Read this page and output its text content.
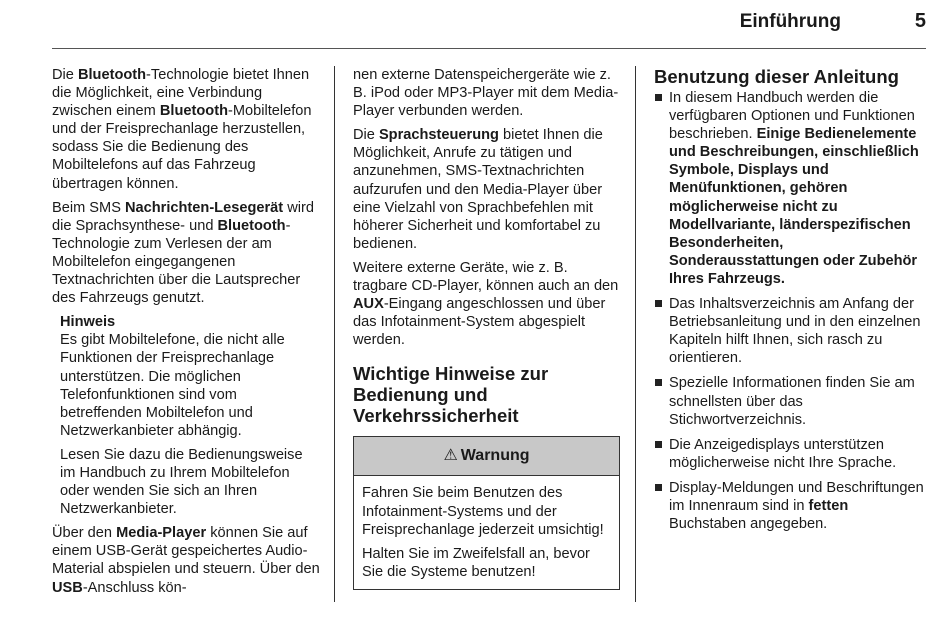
Einführung	5

Die Bluetooth-Technologie bietet Ihnen die Möglichkeit, eine Verbindung zwischen einem Bluetooth-Mobiltelefon und der Freisprechanlage herzustellen, sodass Sie die Bedienung des Mobiltelefons auf das Fahrzeug übertragen können.

Beim SMS Nachrichten-Lesegerät wird die Sprachsynthese- und Bluetooth-Technologie zum Verlesen der am Mobiltelefon eingegangenen Textnachrichten über die Lautsprecher des Fahrzeugs genutzt.

Hinweis

Es gibt Mobiltelefone, die nicht alle Funktionen der Freisprechanlage unterstützen. Die möglichen Telefonfunktionen sind vom betreffenden Mobiltelefon und Netzwerkanbieter abhängig.

Lesen Sie dazu die Bedienungsweise im Handbuch zu Ihrem Mobiltelefon oder wenden Sie sich an Ihren Netzwerkanbieter.

Über den Media-Player können Sie auf einem USB-Gerät gespeichertes Audio-Material abspielen und steuern. Über den USB-Anschluss kön-

nen externe Datenspeichergeräte wie z. B. iPod oder MP3-Player mit dem Media-Player verbunden werden.

Die Sprachsteuerung bietet Ihnen die Möglichkeit, Anrufe zu tätigen und anzunehmen, SMS-Textnachrichten aufzurufen und den Media-Player über eine Vielzahl von Sprachbefehlen mit höherer Sicherheit und komfortabel zu bedienen.

Weitere externe Geräte, wie z. B. tragbare CD-Player, können auch an den AUX-Eingang angeschlossen und über das Infotainment-System abgespielt werden.

Wichtige Hinweise zur Bedienung und Verkehrssicherheit
⚠ Warnung

Fahren Sie beim Benutzen des Infotainment-Systems und der Freisprechanlage jederzeit umsichtig!

Halten Sie im Zweifelsfall an, bevor Sie die Systeme benutzen!

Benutzung dieser Anleitung
In diesem Handbuch werden die verfügbaren Optionen und Funktionen beschrieben. Einige Bedienelemente und Beschreibungen, einschließlich Symbole, Displays und Menüfunktionen, gehören möglicherweise nicht zu Modellvariante, länderspezifischen Besonderheiten, Sonderausstattungen oder Zubehör Ihres Fahrzeugs.
Das Inhaltsverzeichnis am Anfang der Betriebsanleitung und in den einzelnen Kapiteln hilft Ihnen, sich rasch zu orientieren.
Spezielle Informationen finden Sie am schnellsten über das Stichwortverzeichnis.
Die Anzeigedisplays unterstützen möglicherweise nicht Ihre Sprache.
Display-Meldungen und Beschriftungen im Innenraum sind in fetten Buchstaben angegeben.
